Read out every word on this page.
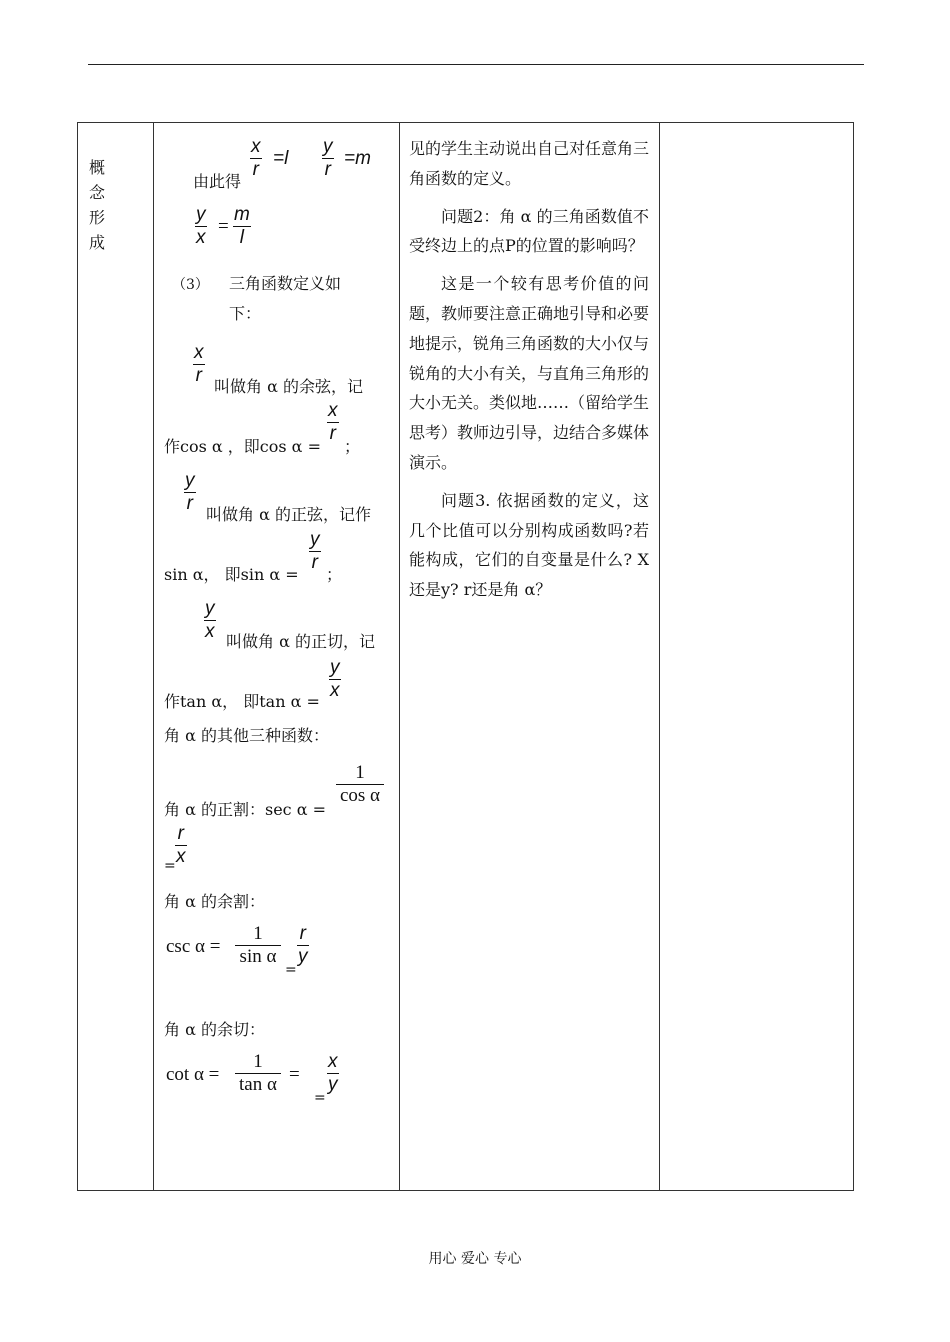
概
念
形
成
x
r
=l
y
r
=m
由此得
y
x
=
m
l
（3） 三角函数定义如
下：
x
r
叫做角 α 的余弦，记
作cos α ，即cos α =
x
r
；
y
r
叫做角 α 的正弦，记作
sin α， 即sin α =
y
r
；
y
x 叫做角 α 的正切，记
作tan α， 即tan α =
y
x
角 α 的其他三种函数：
角 α 的正割：sec α =
1
cos α
r
x
=
角 α 的余割：
csc α =
1
sin α
=
r
y
角 α 的余切：
cot α =
1
tan α =
=
x
y

见的学生主动说出自己对任意角三角函数的定义。

问题2：角 α 的三角函数值不受终边上的点P的位置的影响吗？

这是一个较有思考价值的问题，教师要注意正确地引导和必要地提示，锐角三角函数的大小仅与锐角的大小有关，与直角三角形的大小无关。类似地……（留给学生思考）教师边引导，边结合多媒体演示。

问题3. 依据函数的定义，这几个比值可以分别构成函数吗?若能构成，它们的自变量是什么? X还是y? r还是角 α？

用心 爱心 专心
